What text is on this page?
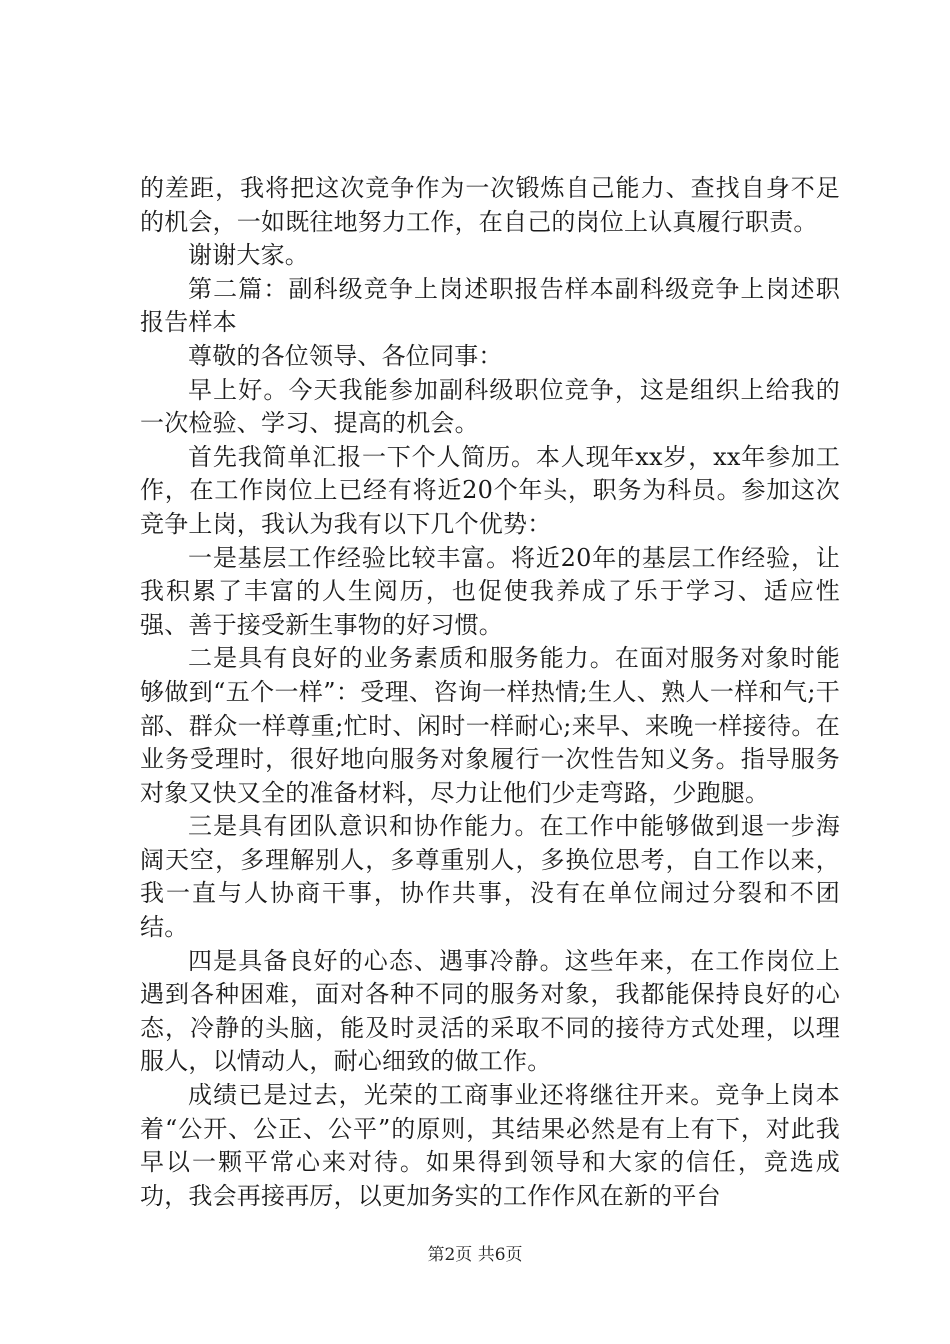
的差距，我将把这次竞争作为一次锻炼自己能力、查找自身不足的机会，一如既往地努力工作，在自己的岗位上认真履行职责。

谢谢大家。

第二篇：副科级竞争上岗述职报告样本副科级竞争上岗述职报告样本

尊敬的各位领导、各位同事：

早上好。今天我能参加副科级职位竞争，这是组织上给我的一次检验、学习、提高的机会。

首先我简单汇报一下个人简历。本人现年xx岁，xx年参加工作，在工作岗位上已经有将近20个年头，职务为科员。参加这次竞争上岗，我认为我有以下几个优势：

一是基层工作经验比较丰富。将近20年的基层工作经验，让我积累了丰富的人生阅历，也促使我养成了乐于学习、适应性强、善于接受新生事物的好习惯。

二是具有良好的业务素质和服务能力。在面对服务对象时能够做到“五个一样”：受理、咨询一样热情;生人、熟人一样和气;干部、群众一样尊重;忙时、闲时一样耐心;来早、来晚一样接待。在业务受理时，很好地向服务对象履行一次性告知义务。指导服务对象又快又全的准备材料，尽力让他们少走弯路，少跑腿。

三是具有团队意识和协作能力。在工作中能够做到退一步海阔天空，多理解别人，多尊重别人，多换位思考，自工作以来，我一直与人协商干事，协作共事，没有在单位闹过分裂和不团结。

四是具备良好的心态、遇事冷静。这些年来，在工作岗位上遇到各种困难，面对各种不同的服务对象，我都能保持良好的心态，冷静的头脑，能及时灵活的采取不同的接待方式处理，以理服人，以情动人，耐心细致的做工作。

成绩已是过去，光荣的工商事业还将继往开来。竞争上岗本着“公开、公正、公平”的原则，其结果必然是有上有下，对此我早以一颗平常心来对待。如果得到领导和大家的信任，竞选成功，我会再接再厉，以更加务实的工作作风在新的平台

第2页 共6页
